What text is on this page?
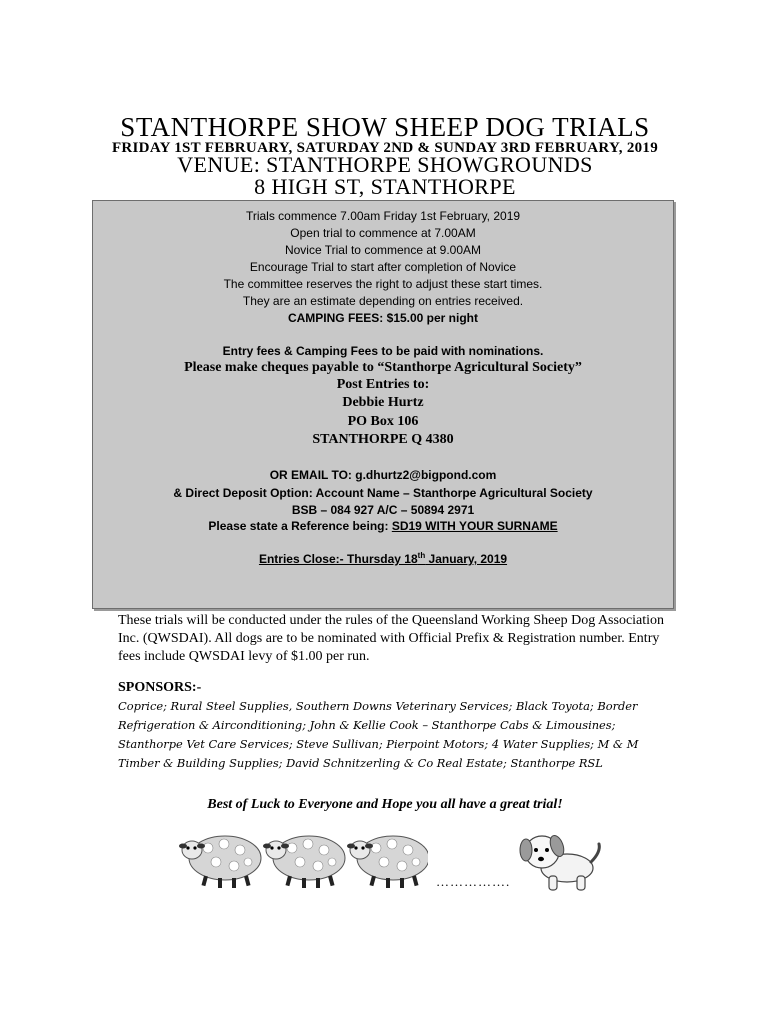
STANTHORPE SHOW SHEEP DOG TRIALS
FRIDAY 1ST FEBRUARY, SATURDAY 2ND & SUNDAY 3RD FEBRUARY, 2019
VENUE: STANTHORPE SHOWGROUNDS
8 HIGH ST, STANTHORPE
Trials commence 7.00am Friday 1st February, 2019
Open trial to commence at 7.00AM
Novice Trial to commence at 9.00AM
Encourage Trial to start after completion of Novice
The committee reserves the right to adjust these start times.
They are an estimate depending on entries received.
CAMPING FEES: $15.00 per night
Entry fees & Camping Fees to be paid with nominations.
Please make cheques payable to “Stanthorpe Agricultural Society”
Post Entries to:
Debbie Hurtz
PO Box 106
STANTHORPE Q 4380
OR EMAIL TO: g.dhurtz2@bigpond.com
& Direct Deposit Option: Account Name – Stanthorpe Agricultural Society
BSB – 084 927 A/C – 50894 2971
Please state a Reference being: SD19 WITH YOUR SURNAME
Entries Close:- Thursday 18th January, 2019
These trials will be conducted under the rules of the Queensland Working Sheep Dog Association Inc. (QWSDAI). All dogs are to be nominated with Official Prefix & Registration number. Entry fees include QWSDAI levy of $1.00 per run.
SPONSORS:-
Coprice; Rural Steel Supplies, Southern Downs Veterinary Services; Black Toyota; Border Refrigeration & Airconditioning; John & Kellie Cook – Stanthorpe Cabs & Limousines; Stanthorpe Vet Care Services; Steve Sullivan; Pierpoint Motors; 4 Water Supplies; M & M Timber & Building Supplies; David Schnitzerling & Co Real Estate; Stanthorpe RSL
Best of Luck to Everyone and Hope you all have a great trial!
…………….
